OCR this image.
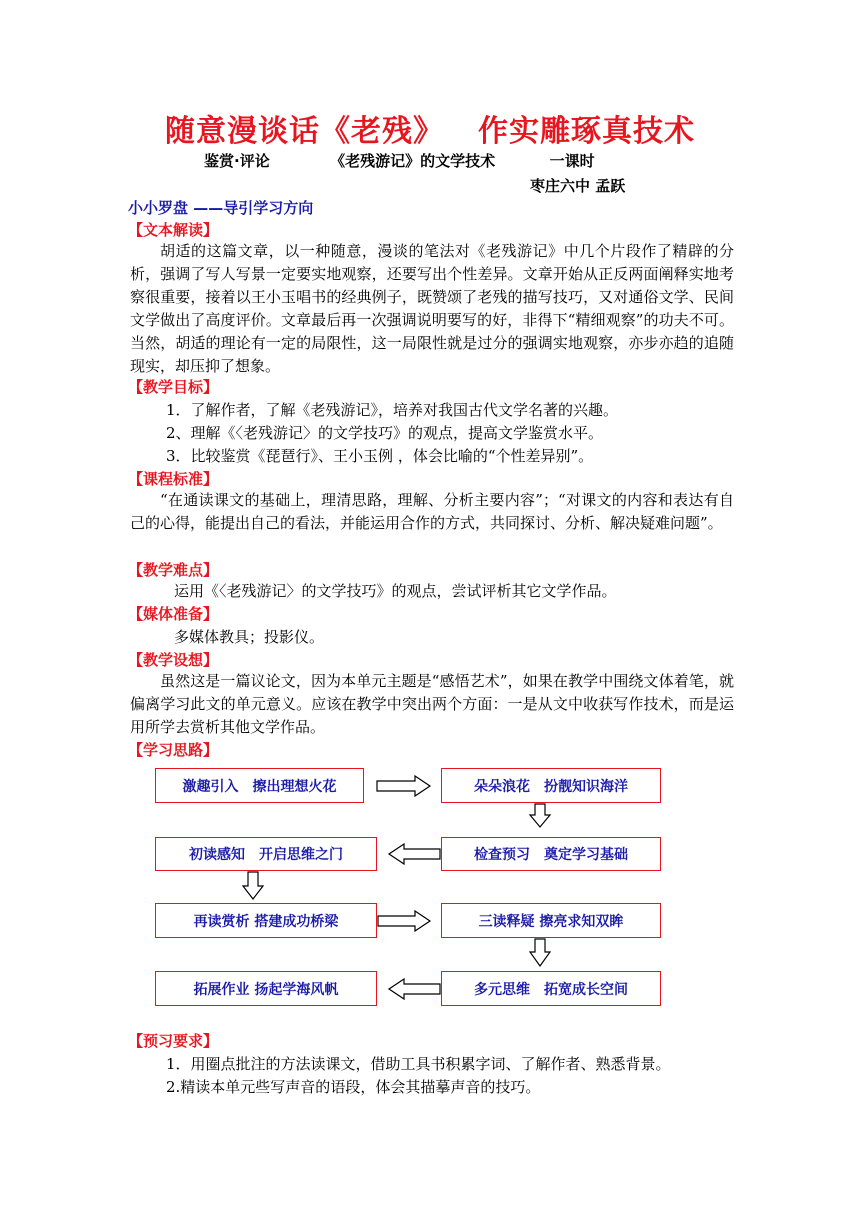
随意漫谈话《老残》 作实雕琢真技术
鉴赏·评论	《老残游记》的文学技术	一课时
枣庄六中 孟跃
小小罗盘 ——导引学习方向
【文本解读】
胡适的这篇文章，以一种随意，漫谈的笔法对《老残游记》中几个片段作了精辟的分析，强调了写人写景一定要实地观察，还要写出个性差异。文章开始从正反两面阐释实地考察很重要，接着以王小玉唱书的经典例子，既赞颂了老残的描写技巧，又对通俗文学、民间文学做出了高度评价。文章最后再一次强调说明要写的好，非得下“精细观察”的功夫不可。当然，胡适的理论有一定的局限性，这一局限性就是过分的强调实地观察，亦步亦趋的追随现实，却压抑了想象。
【教学目标】
1．了解作者，了解《老残游记》，培养对我国古代文学名著的兴趣。
2、理解《〈老残游记〉的文学技巧》的观点，提高文学鉴赏水平。
3．比较鉴赏《琵琶行》、王小玉例 ，体会比喻的“个性差异别”。
【课程标准】
“在通读课文的基础上，理清思路，理解、分析主要内容”；“对课文的内容和表达有自己的心得，能提出自己的看法，并能运用合作的方式，共同探讨、分析、解决疑难问题”。
【教学难点】
运用《〈老残游记〉的文学技巧》的观点，尝试评析其它文学作品。
【媒体准备】
多媒体教具；投影仪。
【教学设想】
虽然这是一篇议论文，因为本单元主题是“感悟艺术”，如果在教学中围绕文体着笔，就偏离学习此文的单元意义。应该在教学中突出两个方面：一是从文中收获写作技术，而是运用所学去赏析其他文学作品。
【学习思路】
激趣引入　擦出理想火花	朵朵浪花　扮靓知识海洋
初读感知　开启思维之门	检查预习　奠定学习基础
再读赏析 搭建成功桥梁	三读释疑 擦亮求知双眸
拓展作业 扬起学海风帆	多元思维　拓宽成长空间
【预习要求】
1．用圈点批注的方法读课文，借助工具书积累字词、了解作者、熟悉背景。
2.精读本单元些写声音的语段，体会其描摹声音的技巧。
